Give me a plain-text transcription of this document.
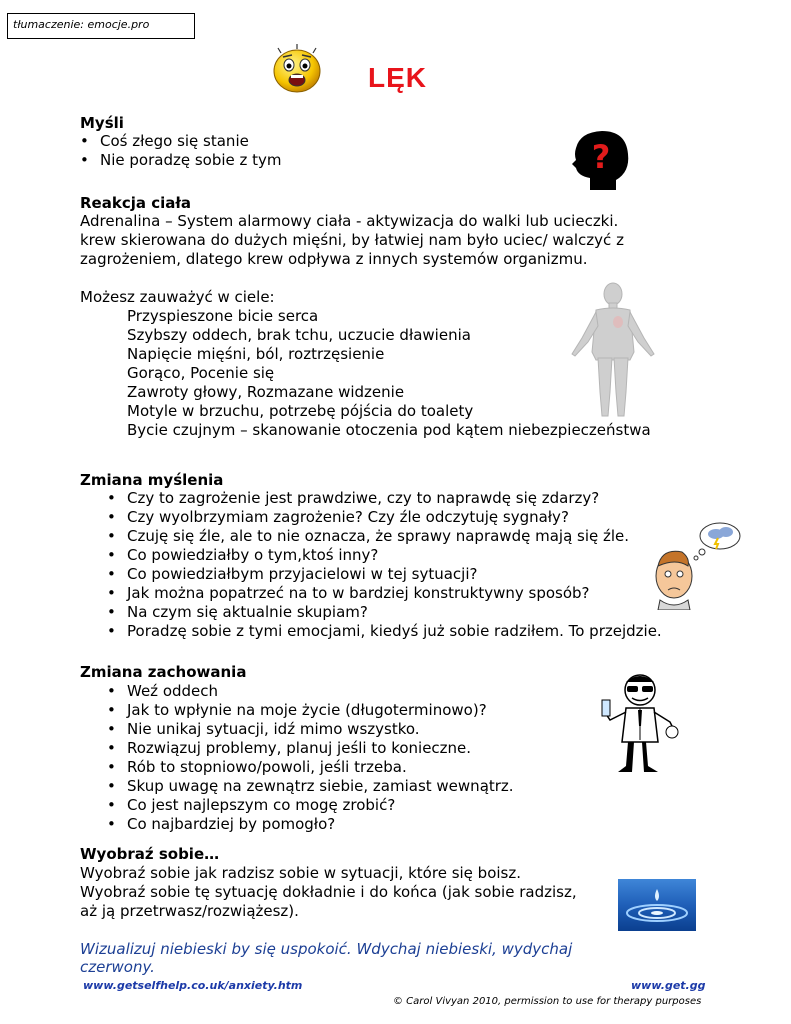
tłumaczenie: emocje.pro
LĘK
Myśli
• Coś złego się stanie
• Nie poradzę sobie z tym	?
Reakcja ciała
Adrenalina – System alarmowy ciała - aktywizacja do walki lub ucieczki.
krew skierowana do dużych mięśni, by łatwiej nam było uciec/ walczyć z
zagrożeniem, dlatego krew odpływa z innych systemów organizmu.
Możesz zauważyć w ciele:
Przyspieszone bicie serca
Szybszy oddech, brak tchu, uczucie dławienia
Napięcie mięśni, ból, roztrzęsienie
Gorąco, Pocenie się
Zawroty głowy, Rozmazane widzenie
Motyle w brzuchu, potrzebę pójścia do toalety
Bycie czujnym – skanowanie otoczenia pod kątem niebezpieczeństwa
Zmiana myślenia
• Czy to zagrożenie jest prawdziwe, czy to naprawdę się zdarzy?
• Czy wyolbrzymiam zagrożenie? Czy źle odczytuję sygnały?
• Czuję się źle, ale to nie oznacza, że sprawy naprawdę mają się źle.
• Co powiedziałby o tym,ktoś inny?
• Co powiedziałbym przyjacielowi w tej sytuacji?
• Jak można popatrzeć na to w bardziej konstruktywny sposób?
• Na czym się aktualnie skupiam?
• Poradzę sobie z tymi emocjami, kiedyś już sobie radziłem. To przejdzie.
Zmiana zachowania
• Weź oddech
• Jak to wpłynie na moje życie (długoterminowo)?
• Nie unikaj sytuacji, idź mimo wszystko.
• Rozwiązuj problemy, planuj jeśli to konieczne.
• Rób to stopniowo/powoli, jeśli trzeba.
• Skup uwagę na zewnątrz siebie, zamiast wewnątrz.
• Co jest najlepszym co mogę zrobić?
• Co najbardziej by pomogło?
Wyobraź sobie…
Wyobraź sobie jak radzisz sobie w sytuacji, które się boisz.
Wyobraź sobie tę sytuację dokładnie i do końca (jak sobie radzisz,
aż ją przetrwasz/rozwiążesz).
Wizualizuj niebieski by się uspokoić. Wdychaj niebieski, wydychaj
czerwony.
www.getselfhelp.co.uk/anxiety.htm	www.get.gg
© Carol Vivyan 2010, permission to use for therapy purposes
